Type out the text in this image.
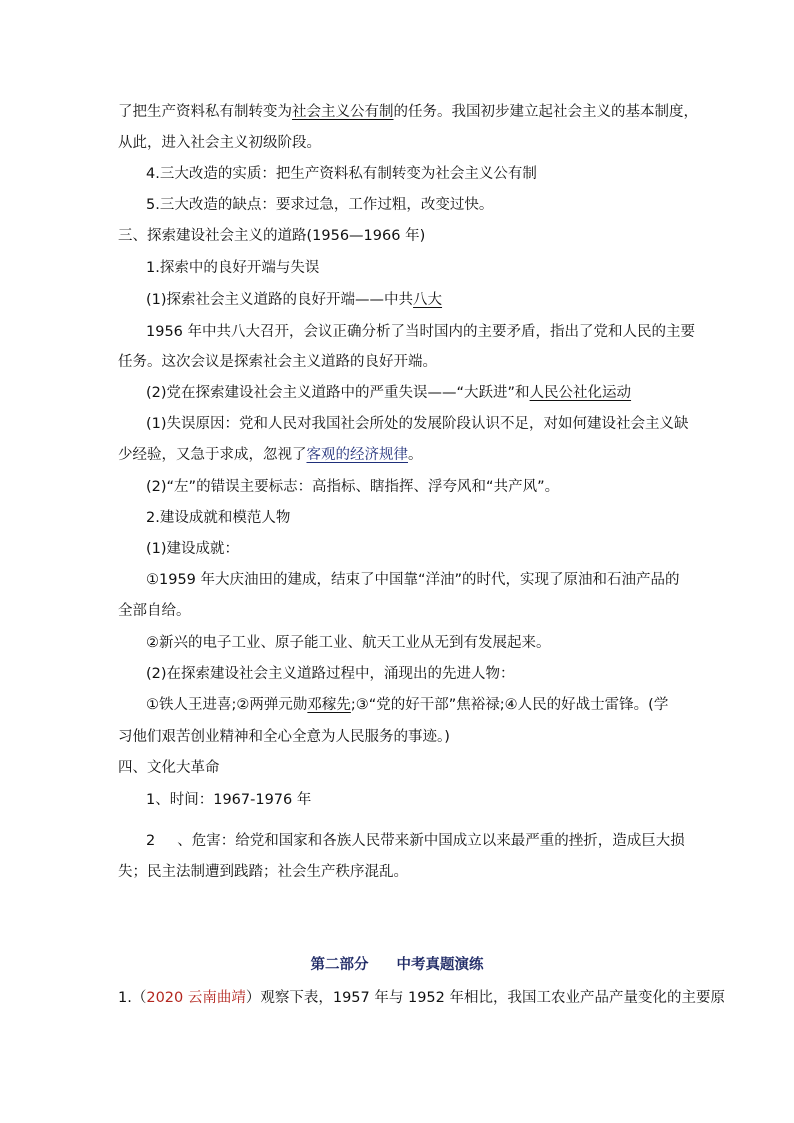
了把生产资料私有制转变为社会主义公有制的任务。我国初步建立起社会主义的基本制度，
从此，进入社会主义初级阶段。
4.三大改造的实质：把生产资料私有制转变为社会主义公有制
5.三大改造的缺点：要求过急，工作过粗，改变过快。
三、探索建设社会主义的道路(1956—1966 年)
1.探索中的良好开端与失误
(1)探索社会主义道路的良好开端——中共八大
1956 年中共八大召开，会议正确分析了当时国内的主要矛盾，指出了党和人民的主要
任务。这次会议是探索社会主义道路的良好开端。
(2)党在探索建设社会主义道路中的严重失误——“大跃进”和人民公社化运动
(1)失误原因：党和人民对我国社会所处的发展阶段认识不足，对如何建设社会主义缺
少经验，又急于求成，忽视了客观的经济规律。
(2)“左”的错误主要标志：高指标、瞎指挥、浮夸风和“共产风”。
2.建设成就和模范人物
(1)建设成就：
①1959 年大庆油田的建成，结束了中国靠“洋油”的时代，实现了原油和石油产品的
全部自给。
②新兴的电子工业、原子能工业、航天工业从无到有发展起来。
(2)在探索建设社会主义道路过程中，涌现出的先进人物：
①铁人王进喜;②两弹元勋邓稼先;③“党的好干部”焦裕禄;④人民的好战士雷锋。(学
习他们艰苦创业精神和全心全意为人民服务的事迹。)
四、文化大革命
1、时间：1967-1976 年
2 、危害：给党和国家和各族人民带来新中国成立以来最严重的挫折，造成巨大损
失；民主法制遭到践踏；社会生产秩序混乱。
第二部分 中考真题演练
1.（2020 云南曲靖）观察下表，1957 年与 1952 年相比，我国工农业产品产量变化的主要原
